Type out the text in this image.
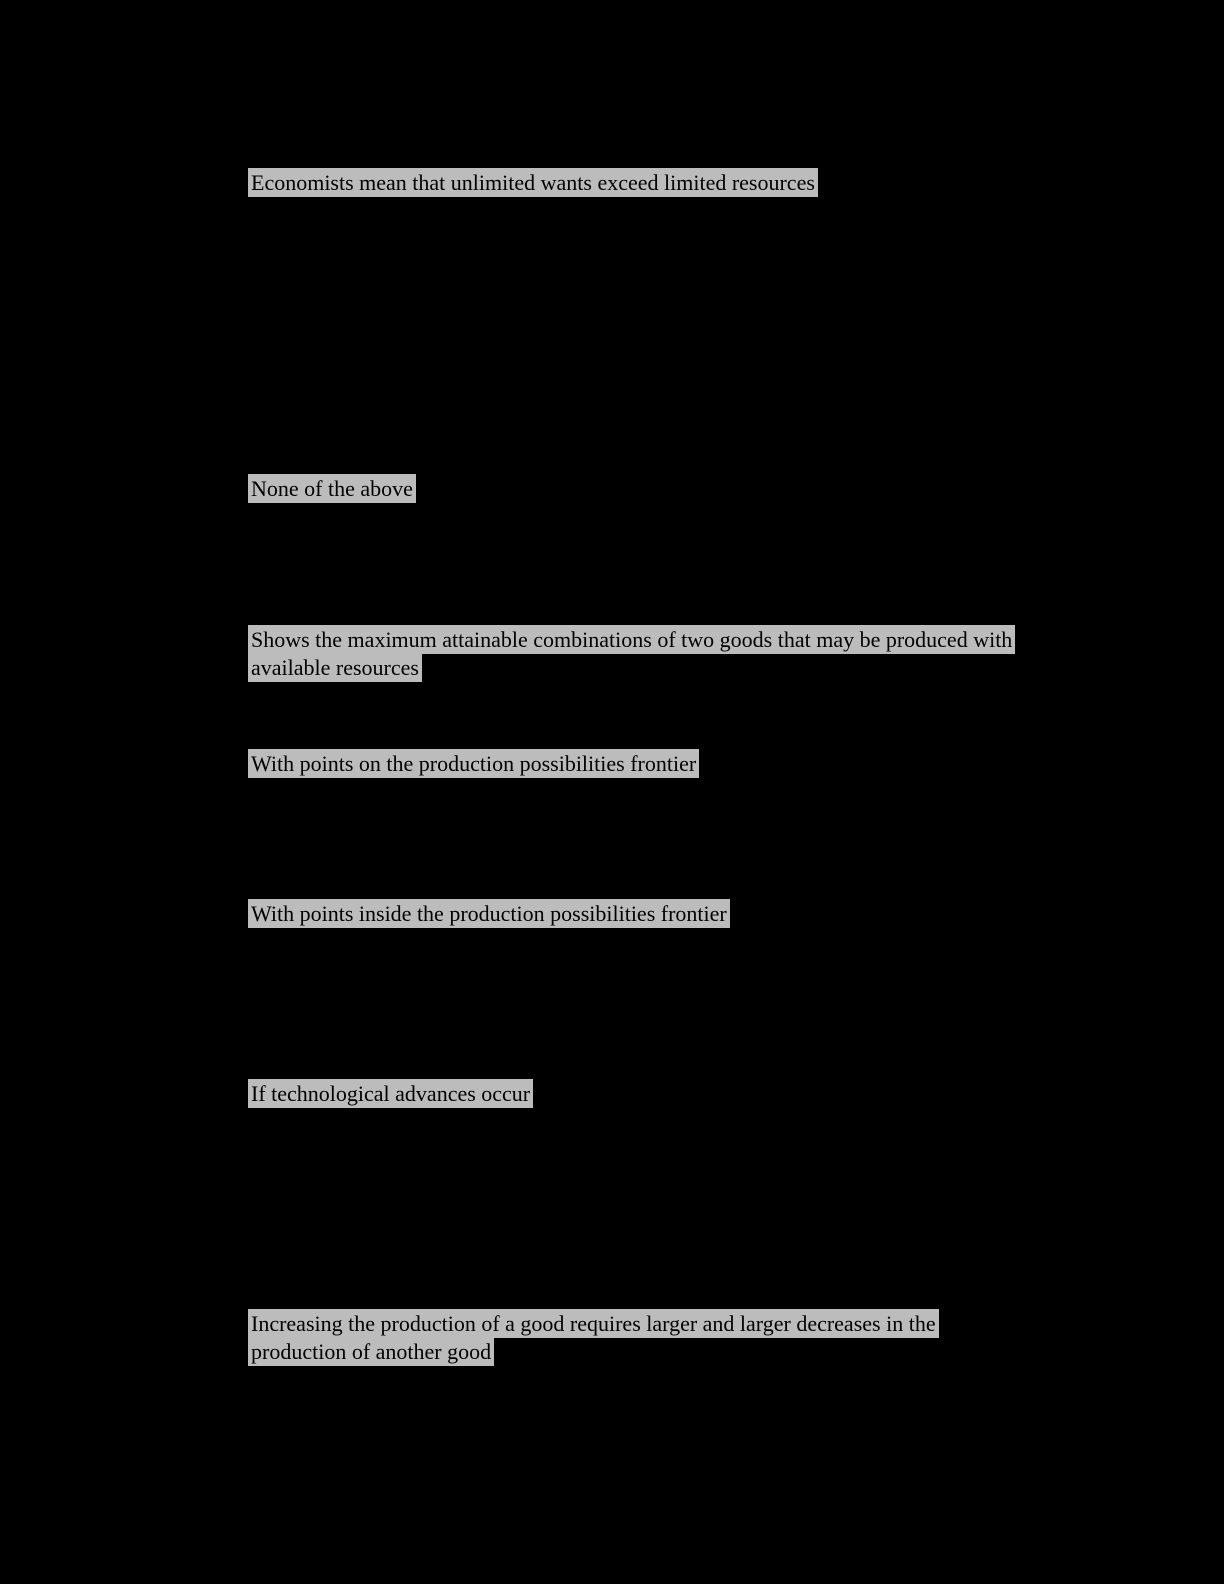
Economists mean that unlimited wants exceed limited resources
None of the above
Shows the maximum attainable combinations of two goods that may be produced with
available resources
With points on the production possibilities frontier
With points inside the production possibilities frontier
If technological advances occur
Increasing the production of a good requires larger and larger decreases in the
production of another good
